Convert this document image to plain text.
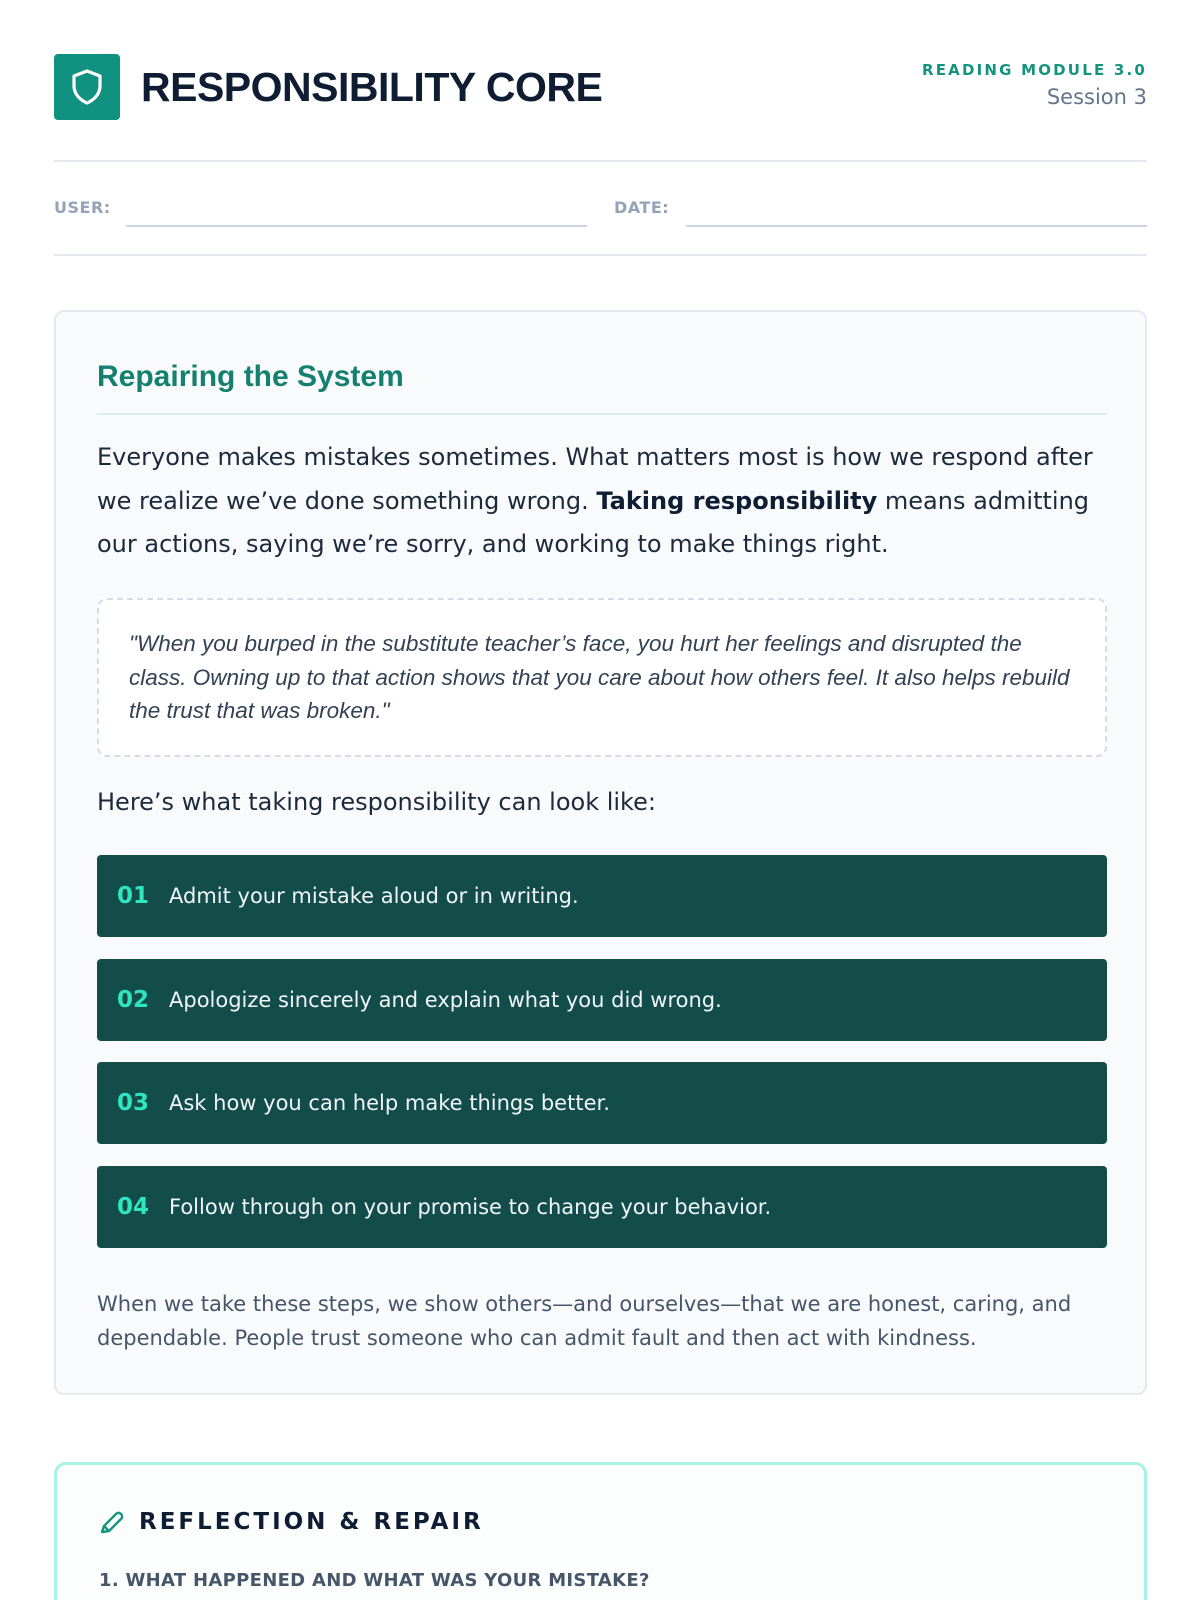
RESPONSIBILITY CORE	READING MODULE 3.0
Session 3
USER:	DATE:
Repairing the System

Everyone makes mistakes sometimes. What matters most is how we respond after we realize we’ve done something wrong. Taking responsibility means admitting our actions, saying we’re sorry, and working to make things right.

"When you burped in the substitute teacher’s face, you hurt her feelings and disrupted the class. Owning up to that action shows that you care about how others feel. It also helps rebuild the trust that was broken."

Here’s what taking responsibility can look like:
01 Admit your mistake aloud or in writing.
02 Apologize sincerely and explain what you did wrong.
03 Ask how you can help make things better.
04 Follow through on your promise to change your behavior.

When we take these steps, we show others—and ourselves—that we are honest, caring, and dependable. People trust someone who can admit fault and then act with kindness.

REFLECTION & REPAIR
1. WHAT HAPPENED AND WHAT WAS YOUR MISTAKE?
